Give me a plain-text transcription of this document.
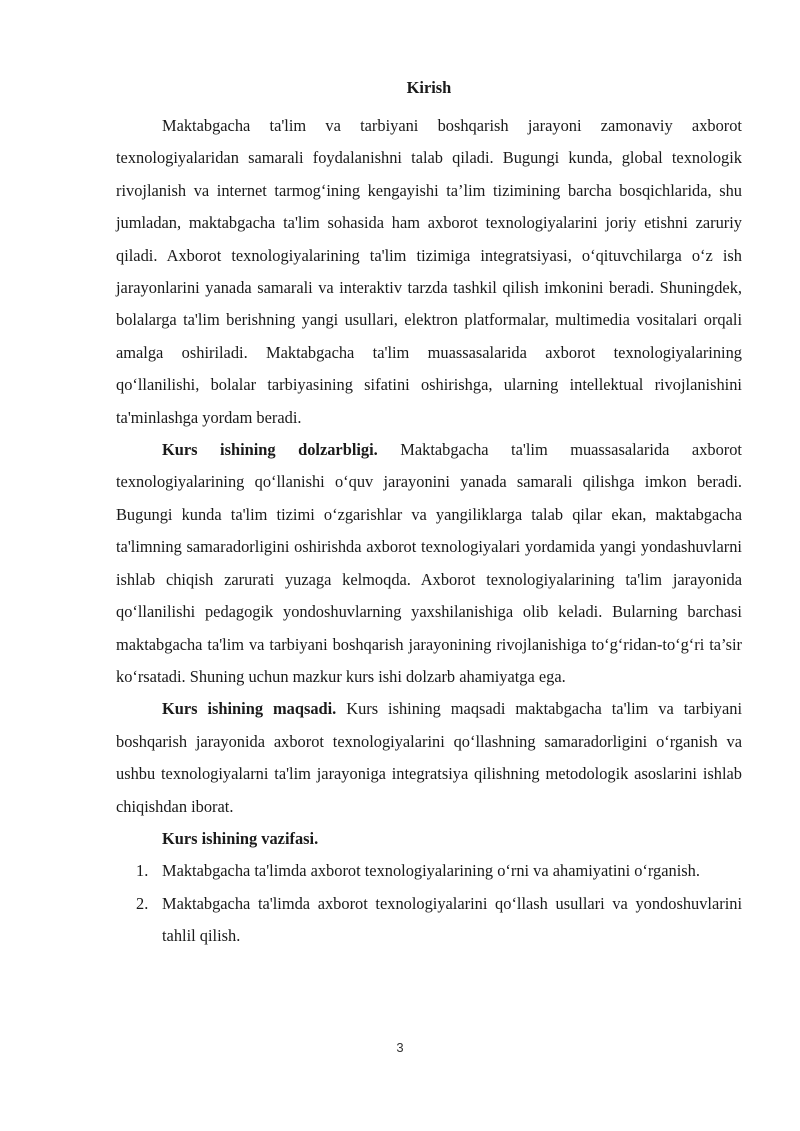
Kirish

Maktabgacha ta'lim va tarbiyani boshqarish jarayoni zamonaviy axborot texnologiyalaridan samarali foydalanishni talab qiladi. Bugungi kunda, global texnologik rivojlanish va internet tarmog‘ining kengayishi ta’lim tizimining barcha bosqichlarida, shu jumladan, maktabgacha ta'lim sohasida ham axborot texnologiyalarini joriy etishni zaruriy qiladi. Axborot texnologiyalarining ta'lim tizimiga integratsiyasi, o‘qituvchilarga o‘z ish jarayonlarini yanada samarali va interaktiv tarzda tashkil qilish imkonini beradi. Shuningdek, bolalarga ta'lim berishning yangi usullari, elektron platformalar, multimedia vositalari orqali amalga oshiriladi. Maktabgacha ta'lim muassasalarida axborot texnologiyalarining qo‘llanilishi, bolalar tarbiyasining sifatini oshirishga, ularning intellektual rivojlanishini ta'minlashga yordam beradi.

Kurs ishining dolzarbligi. Maktabgacha ta'lim muassasalarida axborot texnologiyalarining qo‘llanishi o‘quv jarayonini yanada samarali qilishga imkon beradi. Bugungi kunda ta'lim tizimi o‘zgarishlar va yangiliklarga talab qilar ekan, maktabgacha ta'limning samaradorligini oshirishda axborot texnologiyalari yordamida yangi yondashuvlarni ishlab chiqish zarurati yuzaga kelmoqda. Axborot texnologiyalarining ta'lim jarayonida qo‘llanilishi pedagogik yondoshuvlarning yaxshilanishiga olib keladi. Bularning barchasi maktabgacha ta'lim va tarbiyani boshqarish jarayonining rivojlanishiga to‘g‘ridan-to‘g‘ri ta’sir ko‘rsatadi. Shuning uchun mazkur kurs ishi dolzarb ahamiyatga ega.

Kurs ishining maqsadi. Kurs ishining maqsadi maktabgacha ta'lim va tarbiyani boshqarish jarayonida axborot texnologiyalarini qo‘llashning samaradorligini o‘rganish va ushbu texnologiyalarni ta'lim jarayoniga integratsiya qilishning metodologik asoslarini ishlab chiqishdan iborat.

Kurs ishining vazifasi.
1. Maktabgacha ta'limda axborot texnologiyalarining o‘rni va ahamiyatini o‘rganish.
2. Maktabgacha ta'limda axborot texnologiyalarini qo‘llash usullari va yondoshuvlarini tahlil qilish.
3
